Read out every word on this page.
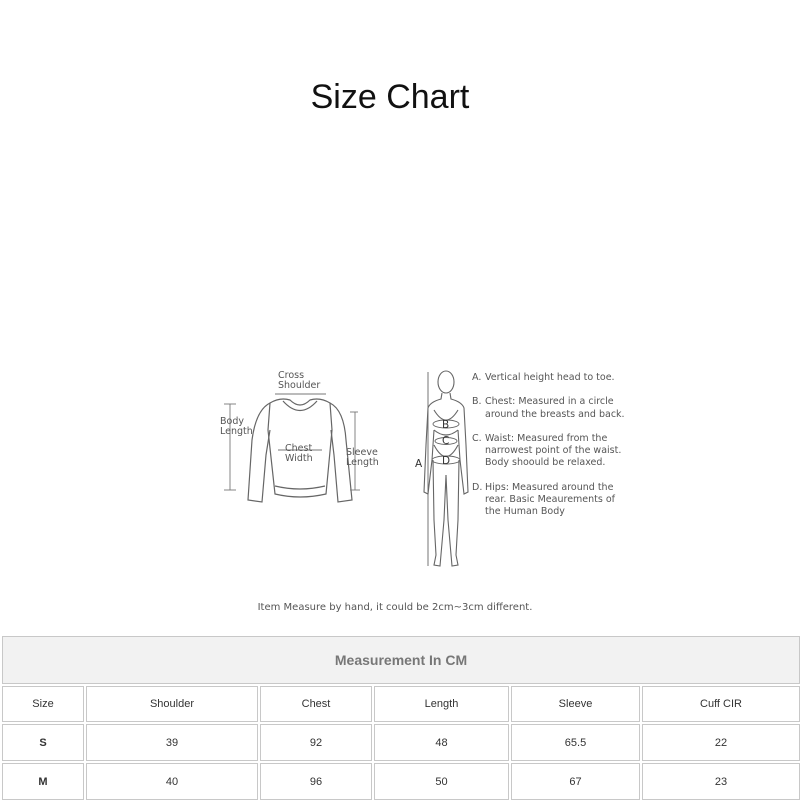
Size Chart
Cross
Shoulder
Body
Length
Chest
Width
Sleeve
Length	A
B
C
D
A. Vertical height head to toe.
B. Chest: Measured in a circle around the breasts and back.
C. Waist: Measured from the narrowest point of the waist. Body shoould be relaxed.
D. Hips: Measured around the rear. Basic Meaurements of the Human Body
Item Measure by hand, it could be 2cm~3cm different.
Measurement In CM					
Size	Shoulder	Chest	Length	Sleeve	Cuff CIR
S	39	92	48	65.5	22
M	40	96	50	67	23
